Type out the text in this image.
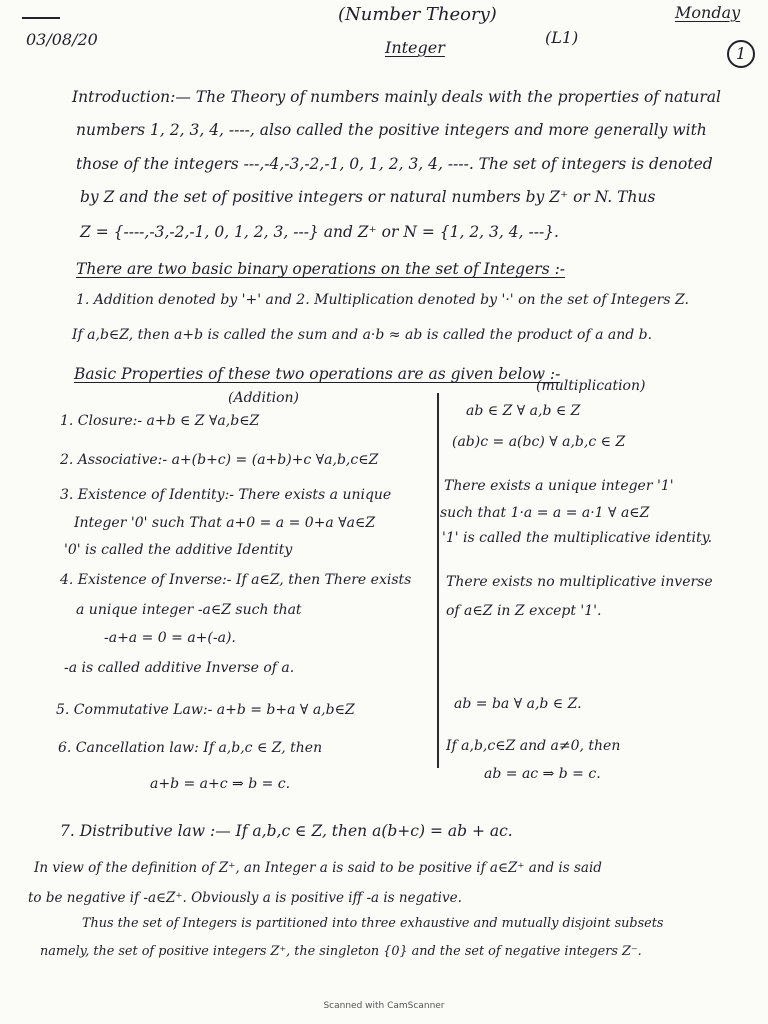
03/08/20
(Number Theory)	Monday
Integer
(L1)
1
Introduction:— The Theory of numbers mainly deals with the properties of natural
numbers 1, 2, 3, 4, ----, also called the positive integers and more generally with
those of the integers ---,-4,-3,-2,-1, 0, 1, 2, 3, 4, ----. The set of integers is denoted
by Z and the set of positive integers or natural numbers by Z⁺ or N. Thus
Z = {----,-3,-2,-1, 0, 1, 2, 3, ---} and Z⁺ or N = {1, 2, 3, 4, ---}.
There are two basic binary operations on the set of Integers :-
1. Addition denoted by '+' and 2. Multiplication denoted by '·' on the set of Integers Z.
If a,b∈Z, then a+b is called the sum and a·b ≈ ab is called the product of a and b.
Basic Properties of these two operations are as given below :-
(Addition)
(multiplication)
1. Closure:- a+b ∈ Z ∀a,b∈Z
2. Associative:- a+(b+c) = (a+b)+c ∀a,b,c∈Z
3. Existence of Identity:- There exists a unique
Integer '0' such That a+0 = a = 0+a ∀a∈Z
'0' is called the additive Identity
4. Existence of Inverse:- If a∈Z, then There exists
a unique integer -a∈Z such that
-a+a = 0 = a+(-a).
-a is called additive Inverse of a.
5. Commutative Law:- a+b = b+a ∀ a,b∈Z
6. Cancellation law: If a,b,c ∈ Z, then
a+b = a+c ⇒ b = c.
ab ∈ Z ∀ a,b ∈ Z
(ab)c = a(bc) ∀ a,b,c ∈ Z
There exists a unique integer '1'
such that 1·a = a = a·1 ∀ a∈Z
'1' is called the multiplicative identity.
There exists no multiplicative inverse
of a∈Z in Z except '1'.
ab = ba ∀ a,b ∈ Z.
If a,b,c∈Z and a≠0, then
ab = ac ⇒ b = c.
7. Distributive law :— If a,b,c ∈ Z, then a(b+c) = ab + ac.
In view of the definition of Z⁺, an Integer a is said to be positive if a∈Z⁺ and is said
to be negative if -a∈Z⁺. Obviously a is positive iff -a is negative.
Thus the set of Integers is partitioned into three exhaustive and mutually disjoint subsets
namely, the set of positive integers Z⁺, the singleton {0} and the set of negative integers Z⁻.
Scanned with CamScanner
